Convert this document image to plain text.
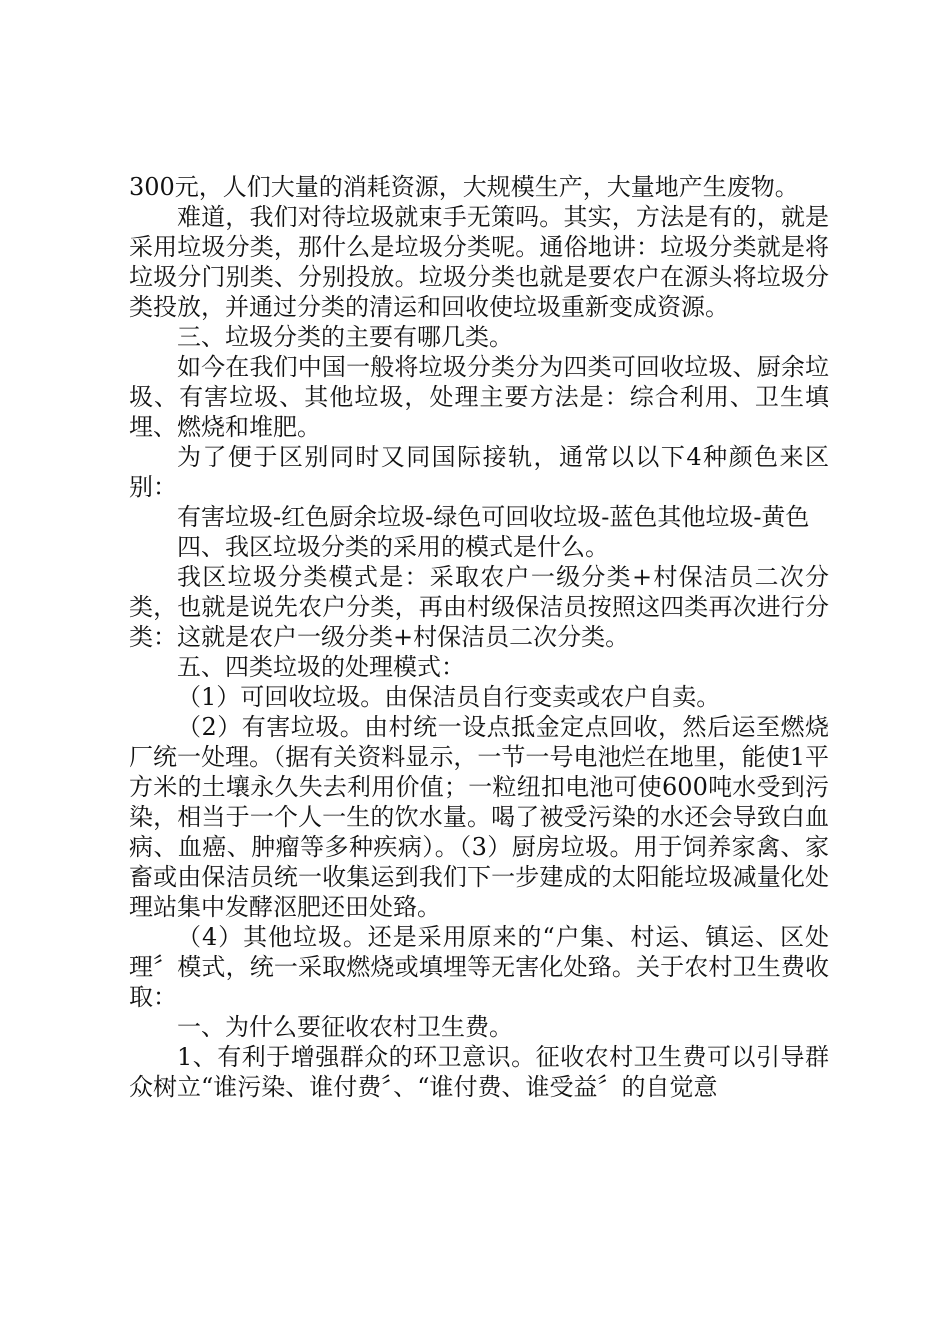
300元，人们大量的消耗资源，大规模生产，大量地产生废物。

难道，我们对待垃圾就束手无策吗。其实，方法是有的，就是采用垃圾分类，那什么是垃圾分类呢。通俗地讲：垃圾分类就是将垃圾分门别类、分别投放。垃圾分类也就是要农户在源头将垃圾分类投放，并通过分类的清运和回收使垃圾重新变成资源。

三、垃圾分类的主要有哪几类。

如今在我们中国一般将垃圾分类分为四类可回收垃圾、厨余垃圾、有害垃圾、其他垃圾，处理主要方法是：综合利用、卫生填埋、燃烧和堆肥。

为了便于区别同时又同国际接轨，通常以以下4种颜色来区别：

有害垃圾-红色厨余垃圾-绿色可回收垃圾-蓝色其他垃圾-黄色

四、我区垃圾分类的采用的模式是什么。

我区垃圾分类模式是：采取农户一级分类+村保洁员二次分类，也就是说先农户分类，再由村级保洁员按照这四类再次进行分类：这就是农户一级分类+村保洁员二次分类。

五、四类垃圾的处理模式：

（1）可回收垃圾。由保洁员自行变卖或农户自卖。

（2）有害垃圾。由村统一设点抵金定点回收，然后运至燃烧厂统一处理。（据有关资料显示，一节一号电池烂在地里，能使1平方米的土壤永久失去利用价值；一粒纽扣电池可使600吨水受到污染，相当于一个人一生的饮水量。喝了被受污染的水还会导致白血病、血癌、肿瘤等多种疾病）。（3）厨房垃圾。用于饲养家禽、家畜或由保洁员统一收集运到我们下一步建成的太阳能垃圾减量化处理站集中发酵沤肥还田处臵。

（4）其他垃圾。还是采用原来的“户集、村运、镇运、区处理〞模式，统一采取燃烧或填埋等无害化处臵。关于农村卫生费收取：

一、为什么要征收农村卫生费。

1、有利于增强群众的环卫意识。征收农村卫生费可以引导群众树立“谁污染、谁付费〞、“谁付费、谁受益〞的自觉意
